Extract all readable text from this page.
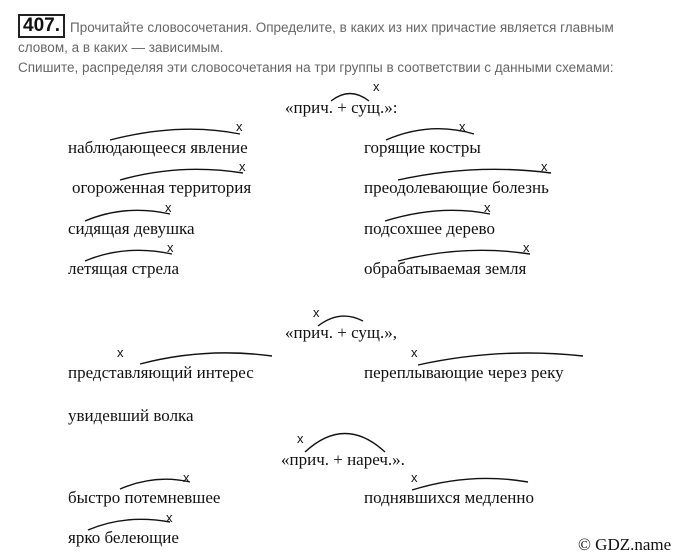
407. Прочитайте словосочетания. Определите, в каких из них причастие является главным
словом, а в каких — зависимым.
Спишите, распределяя эти словосочетания на три группы в соответствии с данными схемами:
x
«прич. + сущ.»:
x
наблюдающееся явление
x
горящие костры
x
огороженная территория
x
преодолевающие болезнь
x
сидящая девушка
x
подсохшее дерево
x
летящая стрела
x
обрабатываемая земля
x
«прич. + сущ.»,
x
представляющий интерес
x
переплывающие через реку
увидевший волка
x
«прич. + нареч.».
x
быстро потемневшее
x
поднявшихся медленно
x
ярко белеющие	© GDZ.name
